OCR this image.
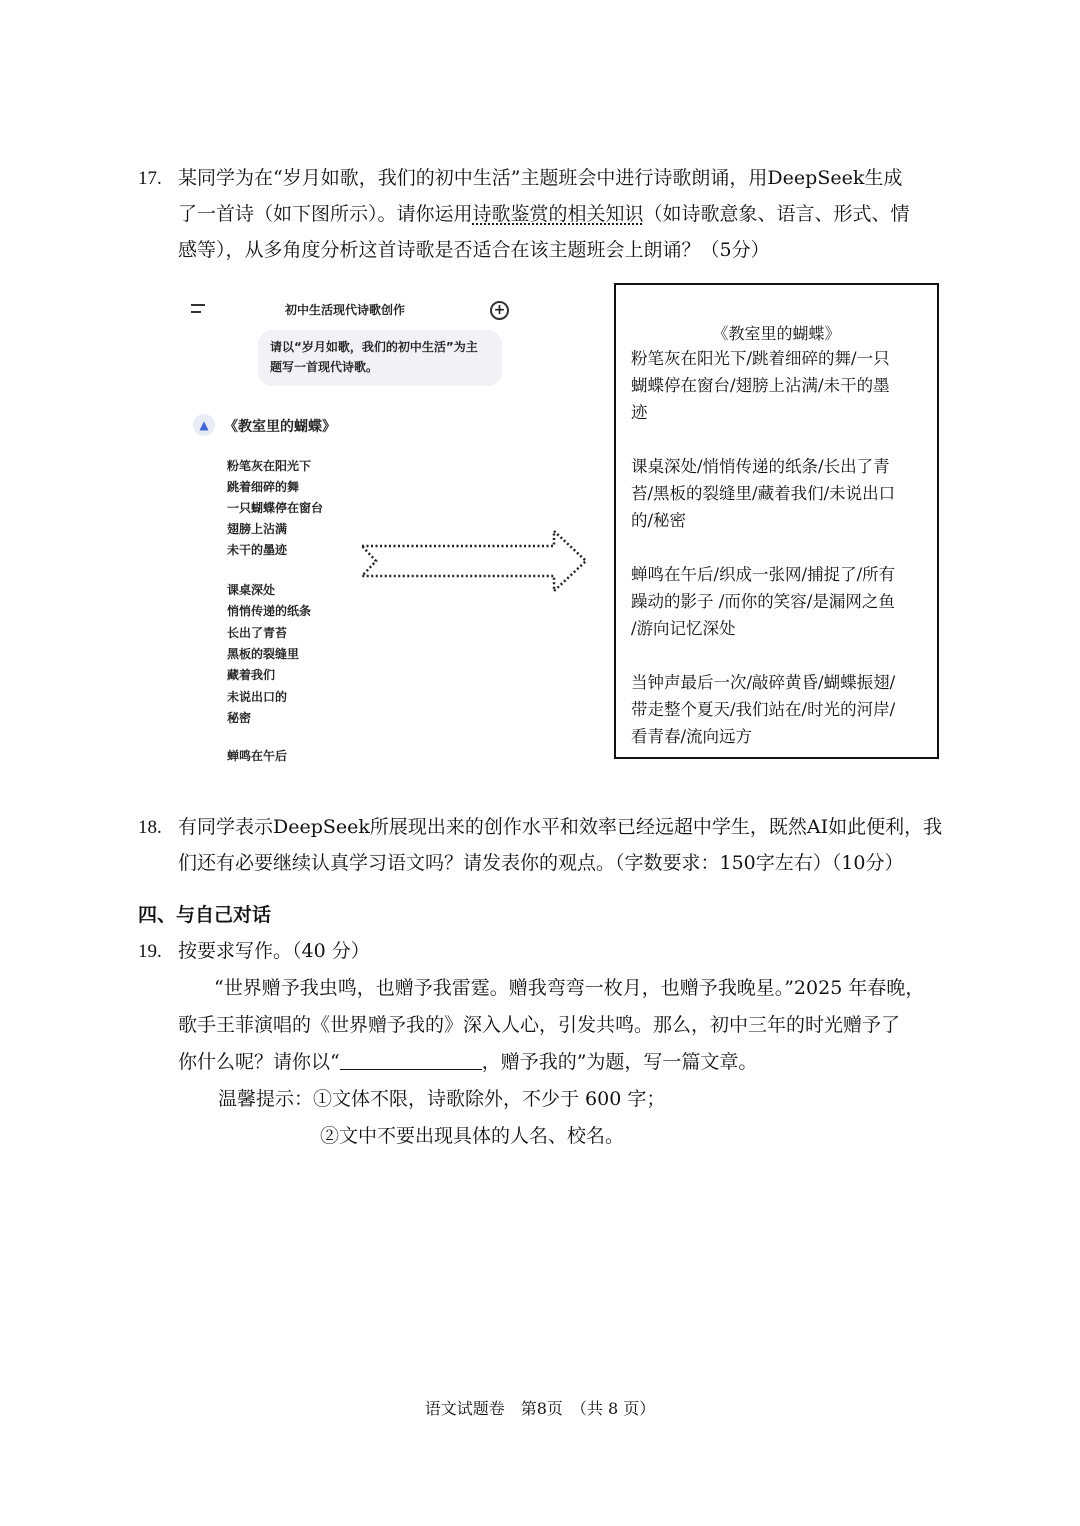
17. 某同学为在“岁月如歌，我们的初中生活”主题班会中进行诗歌朗诵，用DeepSeek生成
了一首诗（如下图所示）。请你运用诗歌鉴赏的相关知识（如诗歌意象、语言、形式、情
感等），从多角度分析这首诗歌是否适合在该主题班会上朗诵？（5分）
初中生活现代诗歌创作	+
请以“岁月如歌，我们的初中生活”为主
题写一首现代诗歌。
▲	《教室里的蝴蝶》
粉笔灰在阳光下
跳着细碎的舞
一只蝴蝶停在窗台
翅膀上沾满
未干的墨迹
课桌深处
悄悄传递的纸条
长出了青苔
黑板的裂缝里
藏着我们
未说出口的
秘密
蝉鸣在午后
《教室里的蝴蝶》
粉笔灰在阳光下/跳着细碎的舞/一只
蝴蝶停在窗台/翅膀上沾满/未干的墨
迹
课桌深处/悄悄传递的纸条/长出了青
苔/黑板的裂缝里/藏着我们/未说出口
的/秘密
蝉鸣在午后/织成一张网/捕捉了/所有
躁动的影子 /而你的笑容/是漏网之鱼
/游向记忆深处
当钟声最后一次/敲碎黄昏/蝴蝶振翅/
带走整个夏天/我们站在/时光的河岸/
看青春/流向远方
18. 有同学表示DeepSeek所展现出来的创作水平和效率已经远超中学生，既然AI如此便利，我
们还有必要继续认真学习语文吗？请发表你的观点。（字数要求：150字左右）（10分）
四、与自己对话
19. 按要求写作。（40 分）
“世界赠予我虫鸣，也赠予我雷霆。赠我弯弯一枚月，也赠予我晚星。”2025 年春晚，
歌手王菲演唱的《世界赠予我的》深入人心，引发共鸣。那么，初中三年的时光赠予了
你什么呢？请你以“	，赠予我的”为题，写一篇文章。
温馨提示：①文体不限，诗歌除外，不少于 600 字；
②文中不要出现具体的人名、校名。
语文试题卷　第8页　（共 8 页）
